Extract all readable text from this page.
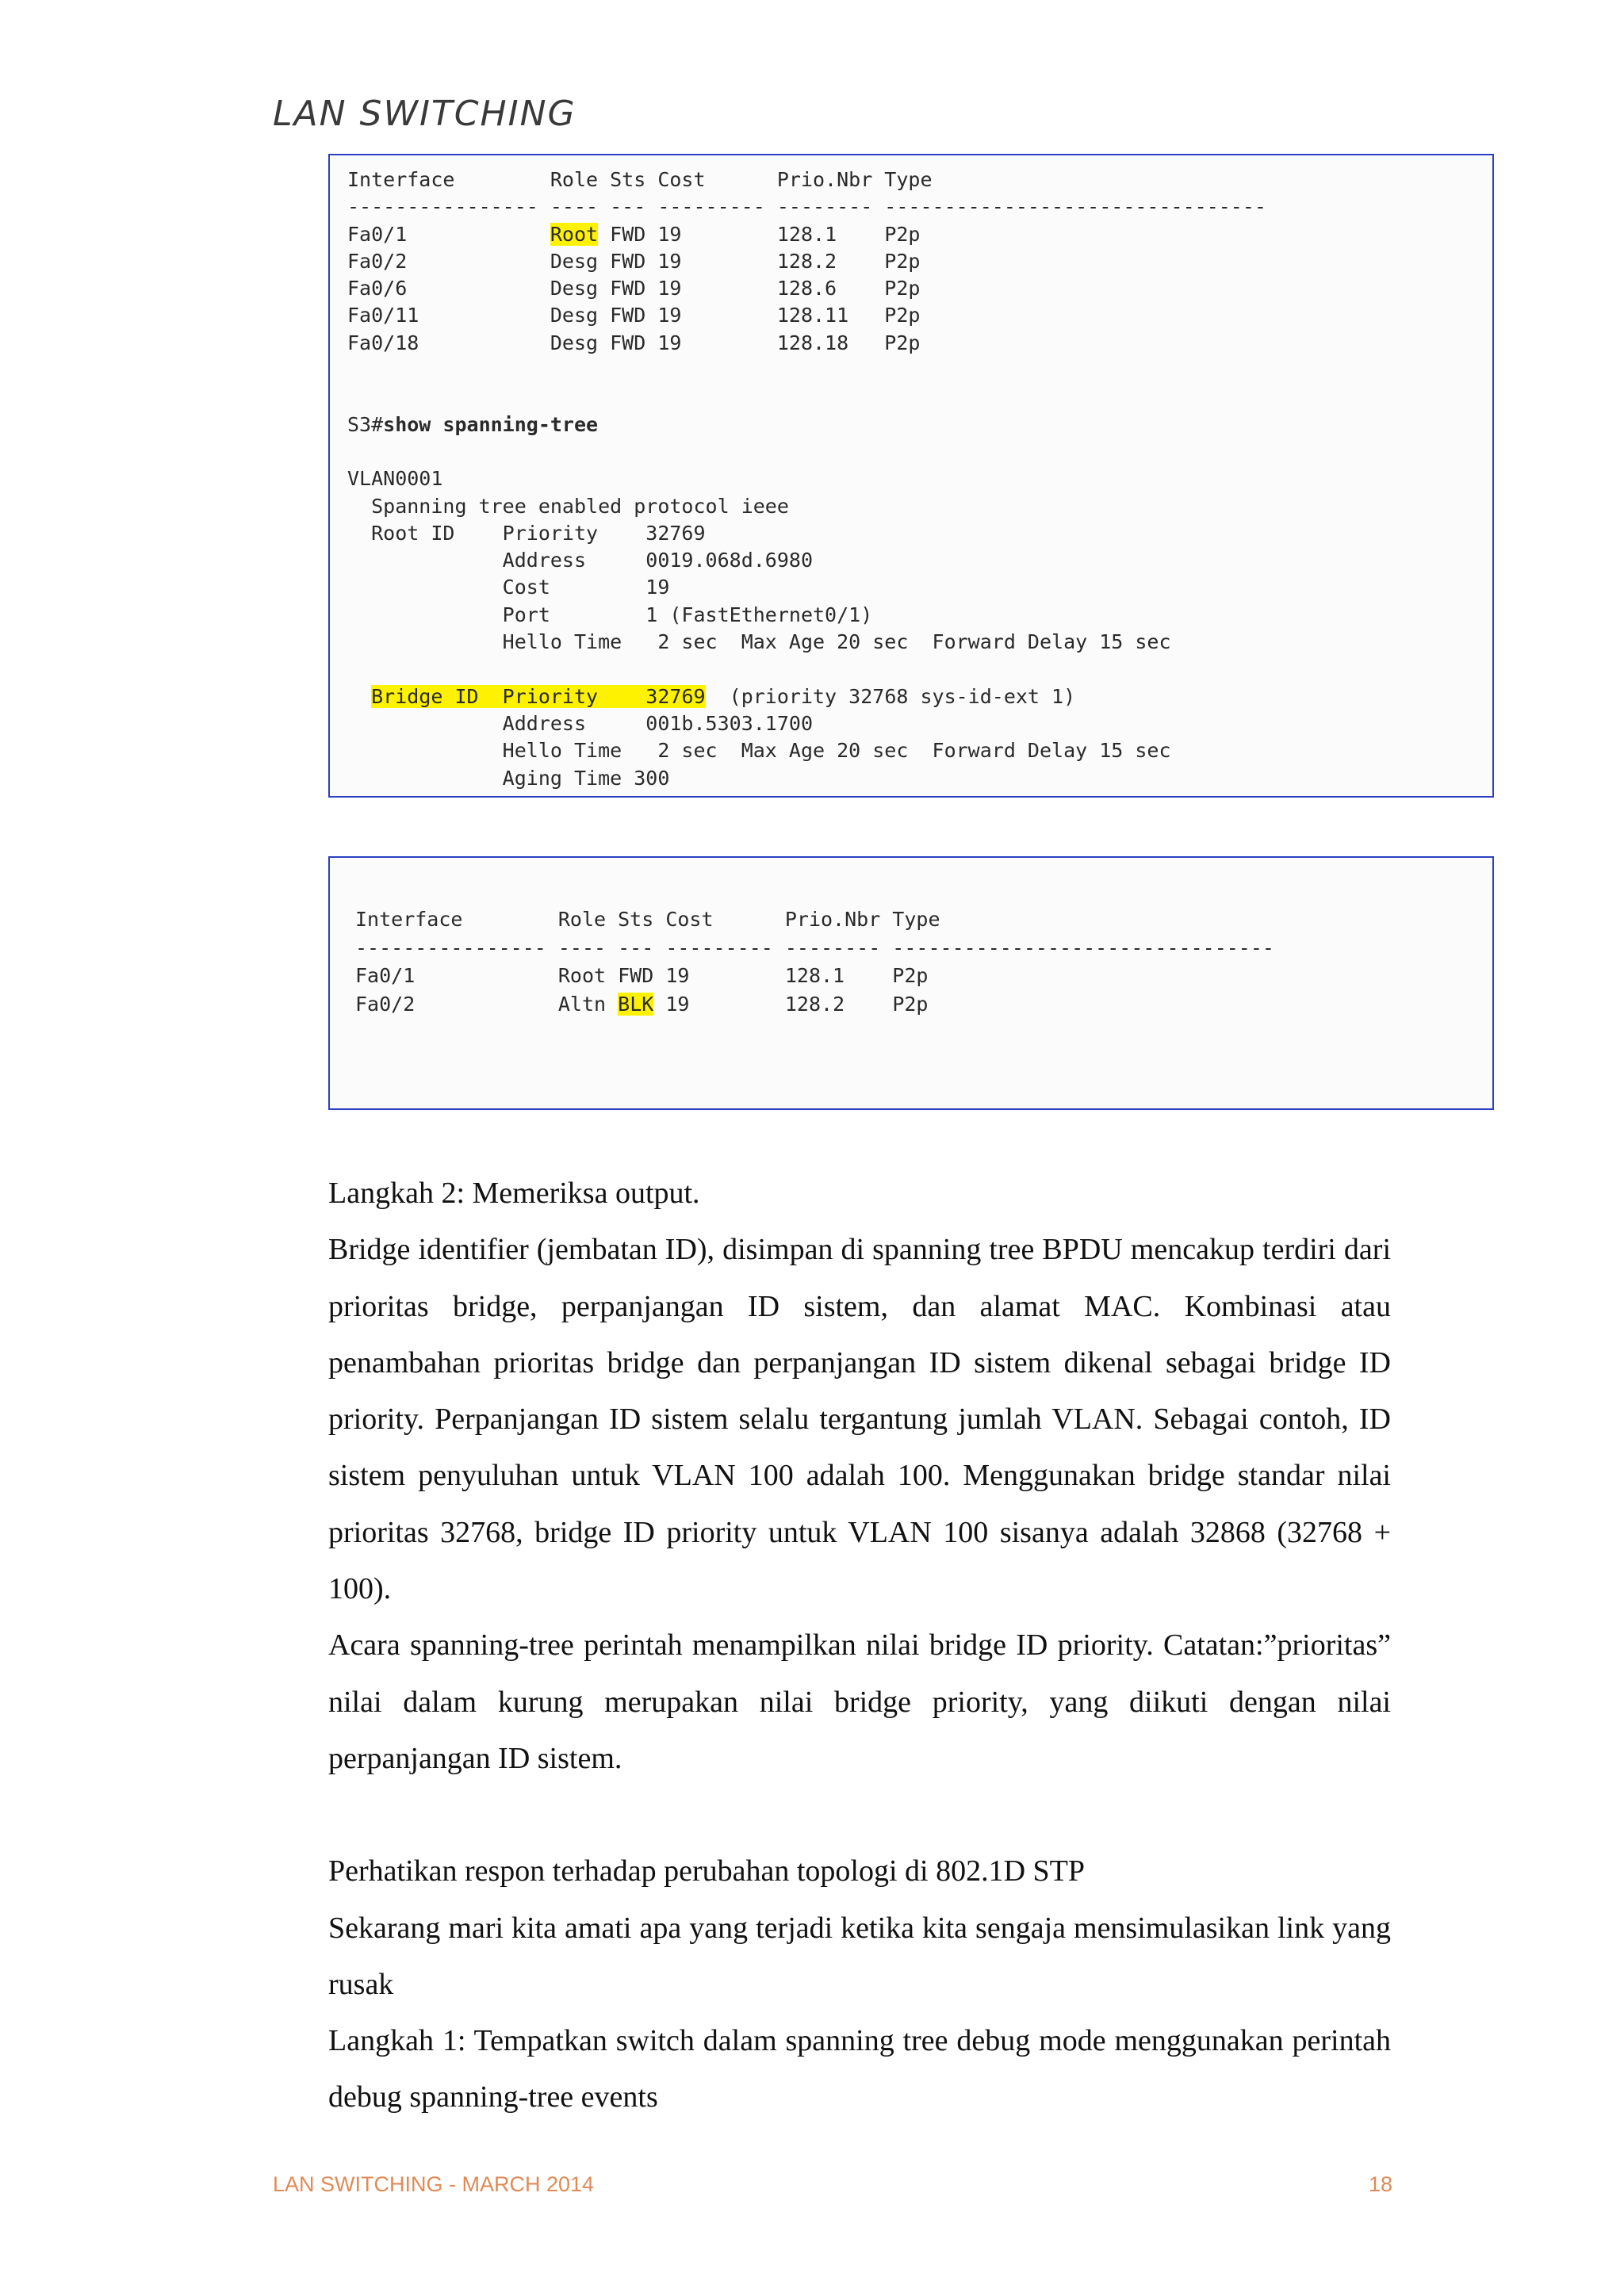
LAN SWITCHING
Interface        Role Sts Cost      Prio.Nbr Type
---------------- ---- --- --------- -------- --------------------------------
Fa0/1            Root FWD 19        128.1    P2p
Fa0/2            Desg FWD 19        128.2    P2p
Fa0/6            Desg FWD 19        128.6    P2p
Fa0/11           Desg FWD 19        128.11   P2p
Fa0/18           Desg FWD 19        128.18   P2p

S3#show spanning-tree

VLAN0001
Spanning tree enabled protocol ieee
Root ID    Priority    32769
Address     0019.068d.6980
Cost        19
Port        1 (FastEthernet0/1)
Hello Time   2 sec  Max Age 20 sec  Forward Delay 15 sec

Bridge ID  Priority    32769  (priority 32768 sys-id-ext 1)
Address     001b.5303.1700
Hello Time   2 sec  Max Age 20 sec  Forward Delay 15 sec
Aging Time 300
Interface        Role Sts Cost      Prio.Nbr Type
---------------- ---- --- --------- -------- --------------------------------
Fa0/1            Root FWD 19        128.1    P2p
Fa0/2            Altn BLK 19        128.2    P2p

Langkah 2: Memeriksa output.

Bridge identifier (jembatan ID), disimpan di spanning tree BPDU mencakup terdiri dari prioritas bridge, perpanjangan ID sistem, dan alamat MAC. Kombinasi atau penambahan prioritas bridge dan perpanjangan ID sistem dikenal sebagai bridge ID priority. Perpanjangan ID sistem selalu tergantung jumlah VLAN. Sebagai contoh, ID sistem penyuluhan untuk VLAN 100 adalah 100. Menggunakan bridge standar nilai prioritas 32768, bridge ID priority untuk VLAN 100 sisanya adalah 32868 (32768 + 100).

Acara spanning-tree perintah menampilkan nilai bridge ID priority. Catatan:”prioritas” nilai dalam kurung merupakan nilai bridge priority, yang diikuti dengan nilai perpanjangan ID sistem.

Perhatikan respon terhadap perubahan topologi di 802.1D STP

Sekarang mari kita amati apa yang terjadi ketika kita sengaja mensimulasikan link yang rusak

Langkah 1: Tempatkan switch dalam spanning tree debug mode menggunakan perintah debug spanning-tree events

LAN SWITCHING - MARCH 2014	18
